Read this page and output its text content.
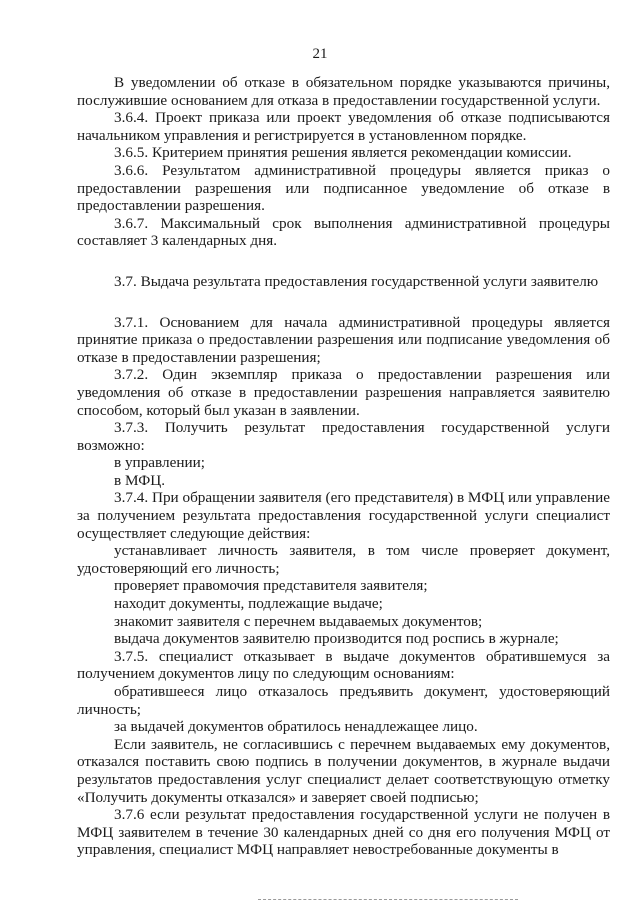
21

В уведомлении об отказе в обязательном порядке указываются причины, послужившие основанием для отказа в предоставлении государственной услуги.

3.6.4. Проект приказа или проект уведомления об отказе подписываются начальником управления и регистрируется в установленном порядке.

3.6.5. Критерием принятия решения является рекомендации комиссии.

3.6.6. Результатом административной процедуры является приказ о предоставлении разрешения или подписанное уведомление об отказе в предоставлении разрешения.

3.6.7. Максимальный срок выполнения административной процедуры составляет 3 календарных дня.

3.7. Выдача результата предоставления государственной услуги заявителю

3.7.1. Основанием для начала административной процедуры является принятие приказа о предоставлении разрешения или подписание уведомления об отказе в предоставлении разрешения;

3.7.2. Один экземпляр приказа о предоставлении разрешения или уведомления об отказе в предоставлении разрешения направляется заявителю способом, который был указан в заявлении.

3.7.3. Получить результат предоставления государственной услуги возможно:

в управлении;

в МФЦ.

3.7.4. При обращении заявителя (его представителя) в МФЦ или управление за получением результата предоставления государственной услуги специалист осуществляет следующие действия:

устанавливает личность заявителя, в том числе проверяет документ, удостоверяющий его личность;

проверяет правомочия представителя заявителя;

находит документы, подлежащие выдаче;

знакомит заявителя с перечнем выдаваемых документов;

выдача документов заявителю производится под роспись в журнале;

3.7.5. специалист отказывает в выдаче документов обратившемуся за получением документов лицу по следующим основаниям:

обратившееся лицо отказалось предъявить документ, удостоверяющий личность;

за выдачей документов обратилось ненадлежащее лицо.

Если заявитель, не согласившись с перечнем выдаваемых ему документов, отказался поставить свою подпись в получении документов, в журнале выдачи результатов предоставления услуг специалист делает соответствующую отметку «Получить документы отказался» и заверяет своей подписью;

3.7.6 если результат предоставления государственной услуги не получен в МФЦ заявителем в течение 30 календарных дней со дня его получения МФЦ от управления, специалист МФЦ направляет невостребованные документы в
